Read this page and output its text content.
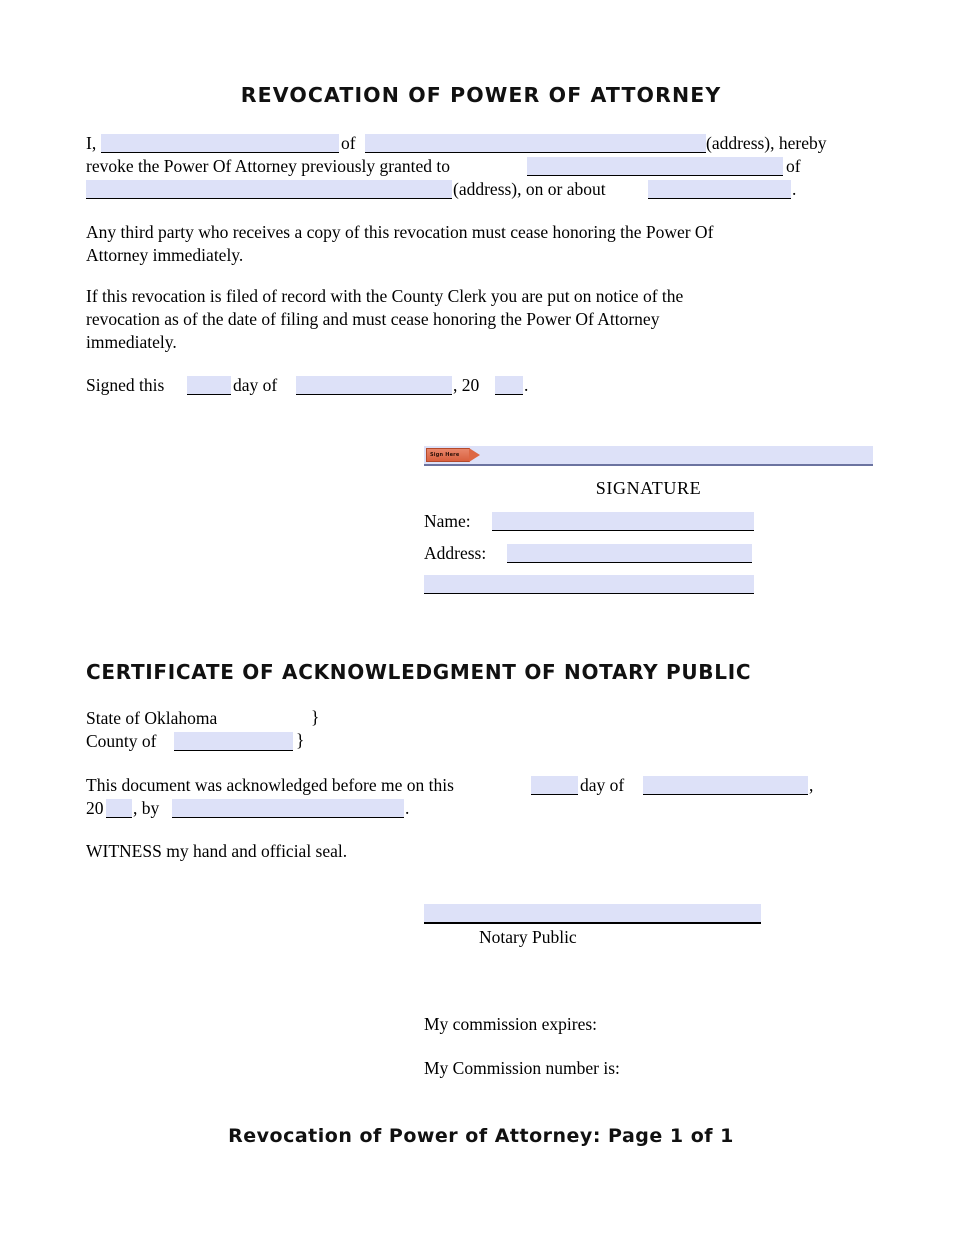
REVOCATION OF POWER OF ATTORNEY
I,	of	(address), hereby
revoke the Power Of Attorney previously granted to	of
(address), on or about	.
Any third party who receives a copy of this revocation must cease honoring the Power Of
Attorney immediately.
If this revocation is filed of record with the County Clerk you are put on notice of the
revocation as of the date of filing and must cease honoring the Power Of Attorney
immediately.
Signed this	day of	, 20	.
Sign Here
SIGNATURE
Name:
Address:
CERTIFICATE OF ACKNOWLEDGMENT OF NOTARY PUBLIC
State of Oklahoma	}
County of	}
This document was acknowledged before me on this	day of	,
20 , by	.
WITNESS my hand and official seal.
Notary Public
My commission expires:
My Commission number is:
Revocation of Power of Attorney: Page 1 of 1
